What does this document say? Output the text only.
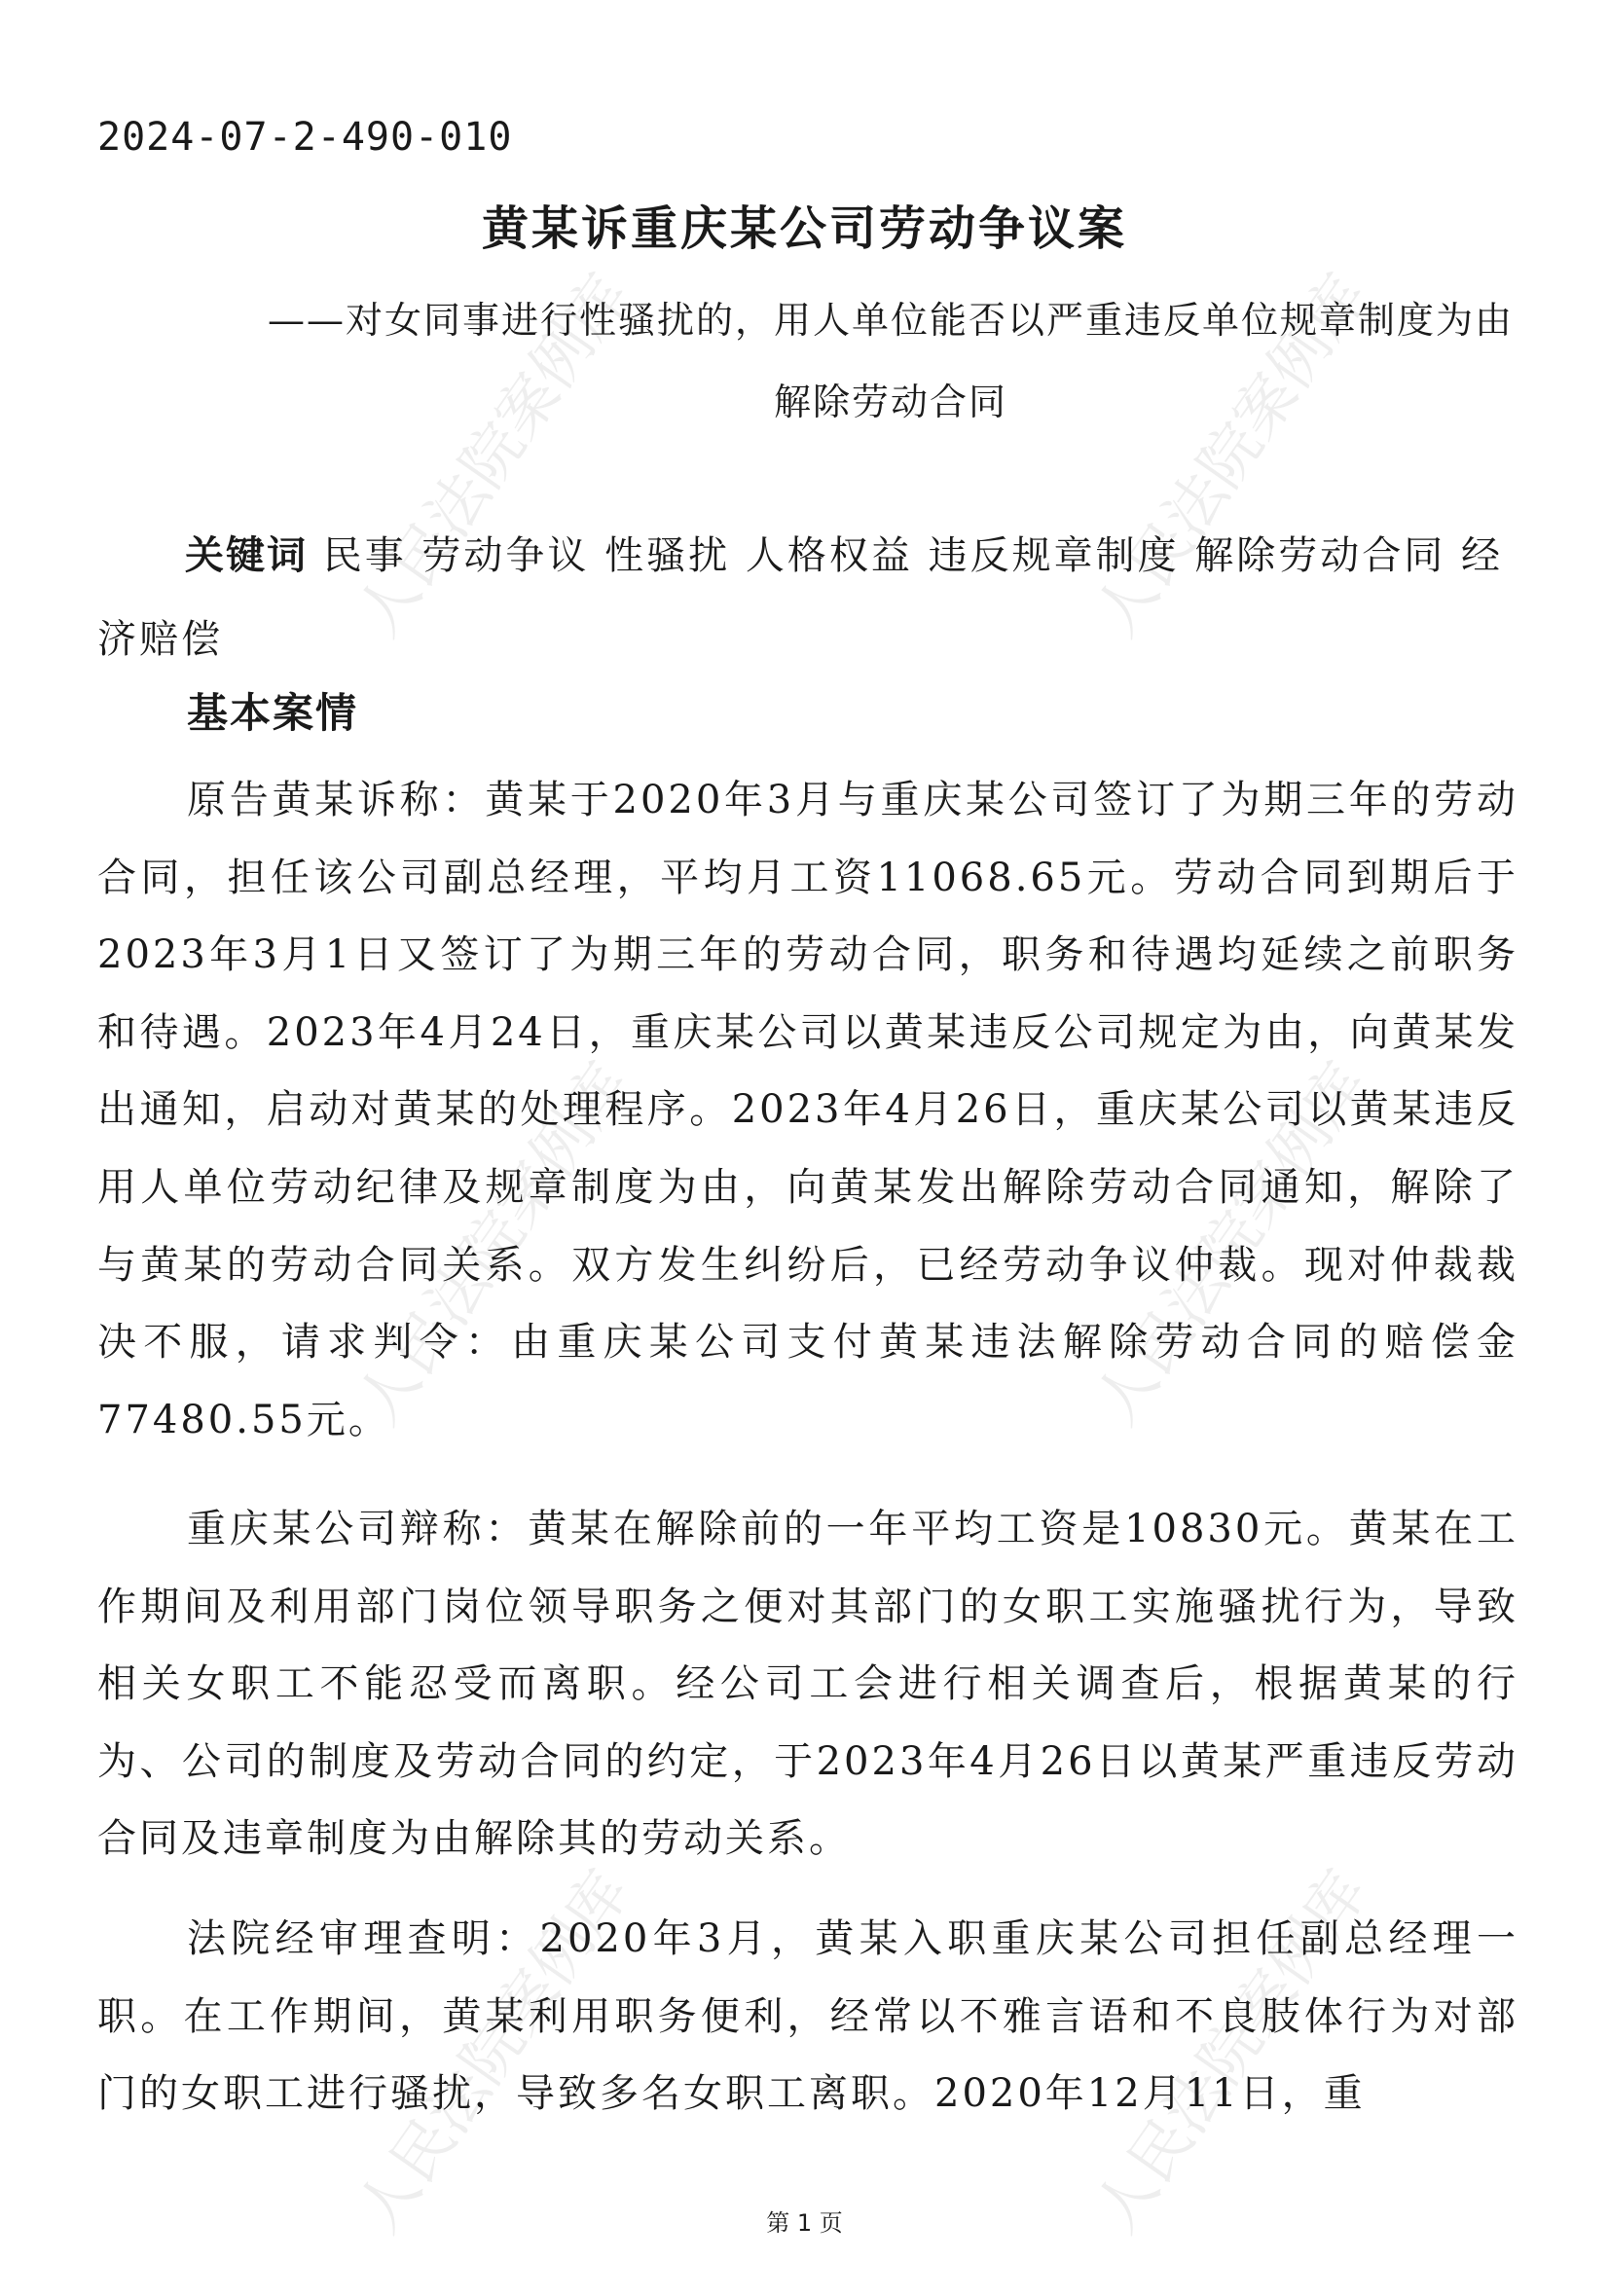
人民法院案例库	人民法院案例库
人民法院案例库	人民法院案例库
人民法院案例库	人民法院案例库
2024-07-2-490-010
黄某诉重庆某公司劳动争议案
——对女同事进行性骚扰的，用人单位能否以严重违反单位规章制度为由解除劳动合同
关键词 民事 劳动争议 性骚扰 人格权益 违反规章制度 解除劳动合同 经济赔偿
基本案情
原告黄某诉称：黄某于2020年3月与重庆某公司签订了为期三年的劳动合同，担任该公司副总经理，平均月工资11068.65元。劳动合同到期后于2023年3月1日又签订了为期三年的劳动合同，职务和待遇均延续之前职务和待遇。2023年4月24日，重庆某公司以黄某违反公司规定为由，向黄某发出通知，启动对黄某的处理程序。2023年4月26日，重庆某公司以黄某违反用人单位劳动纪律及规章制度为由，向黄某发出解除劳动合同通知，解除了与黄某的劳动合同关系。双方发生纠纷后，已经劳动争议仲裁。现对仲裁裁决不服，请求判令：由重庆某公司支付黄某违法解除劳动合同的赔偿金77480.55元。
重庆某公司辩称：黄某在解除前的一年平均工资是10830元。黄某在工作期间及利用部门岗位领导职务之便对其部门的女职工实施骚扰行为，导致相关女职工不能忍受而离职。经公司工会进行相关调查后，根据黄某的行为、公司的制度及劳动合同的约定，于2023年4月26日以黄某严重违反劳动合同及违章制度为由解除其的劳动关系。
法院经审理查明：2020年3月，黄某入职重庆某公司担任副总经理一职。在工作期间，黄某利用职务便利，经常以不雅言语和不良肢体行为对部门的女职工进行骚扰，导致多名女职工离职。2020年12月11日，重
第 1 页
